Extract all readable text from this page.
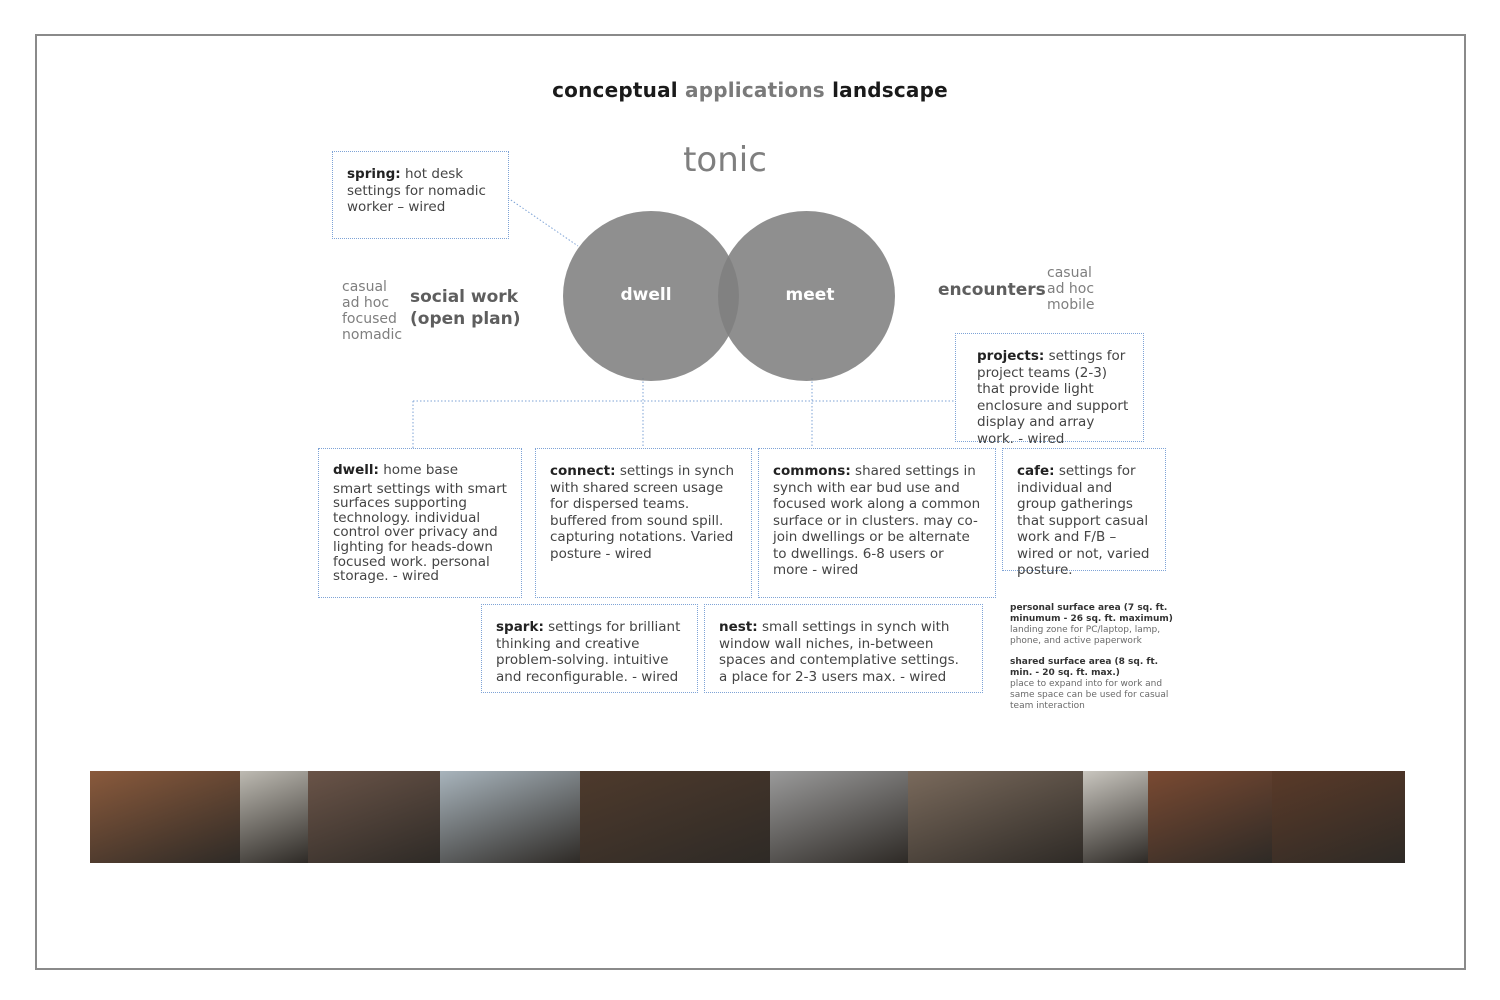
conceptual applications landscape
tonic
dwell	meet
casual
ad hoc
focused
nomadic
social work
(open plan)
encounters
casual
ad hoc
mobile
spring: hot desk settings for nomadic worker – wired
projects: settings for project teams (2-3) that provide light enclosure and support display and array work. - wired
dwell: home base
smart settings with smart surfaces supporting technology. individual control over privacy and lighting for heads-down focused work. personal storage. - wired
connect: settings in synch with shared screen usage for dispersed teams. buffered from sound spill. capturing notations. Varied posture - wired
commons: shared settings in synch with ear bud use and focused work along a common surface or in clusters. may co-join dwellings or be alternate to dwellings. 6-8 users or more - wired
cafe: settings for individual and group gatherings that support casual work and F/B – wired or not, varied posture.
spark: settings for brilliant thinking and creative problem-solving. intuitive and reconfigurable. - wired
nest: small settings in synch with window wall niches, in-between spaces and contemplative settings. a place for 2-3 users max. - wired
personal surface area (7 sq. ft. minumum - 26 sq. ft. maximum)
landing zone for PC/laptop, lamp, phone, and active paperwork
shared surface area (8 sq. ft. min. - 20 sq. ft. max.)
place to expand into for work and same space can be used for casual team interaction
